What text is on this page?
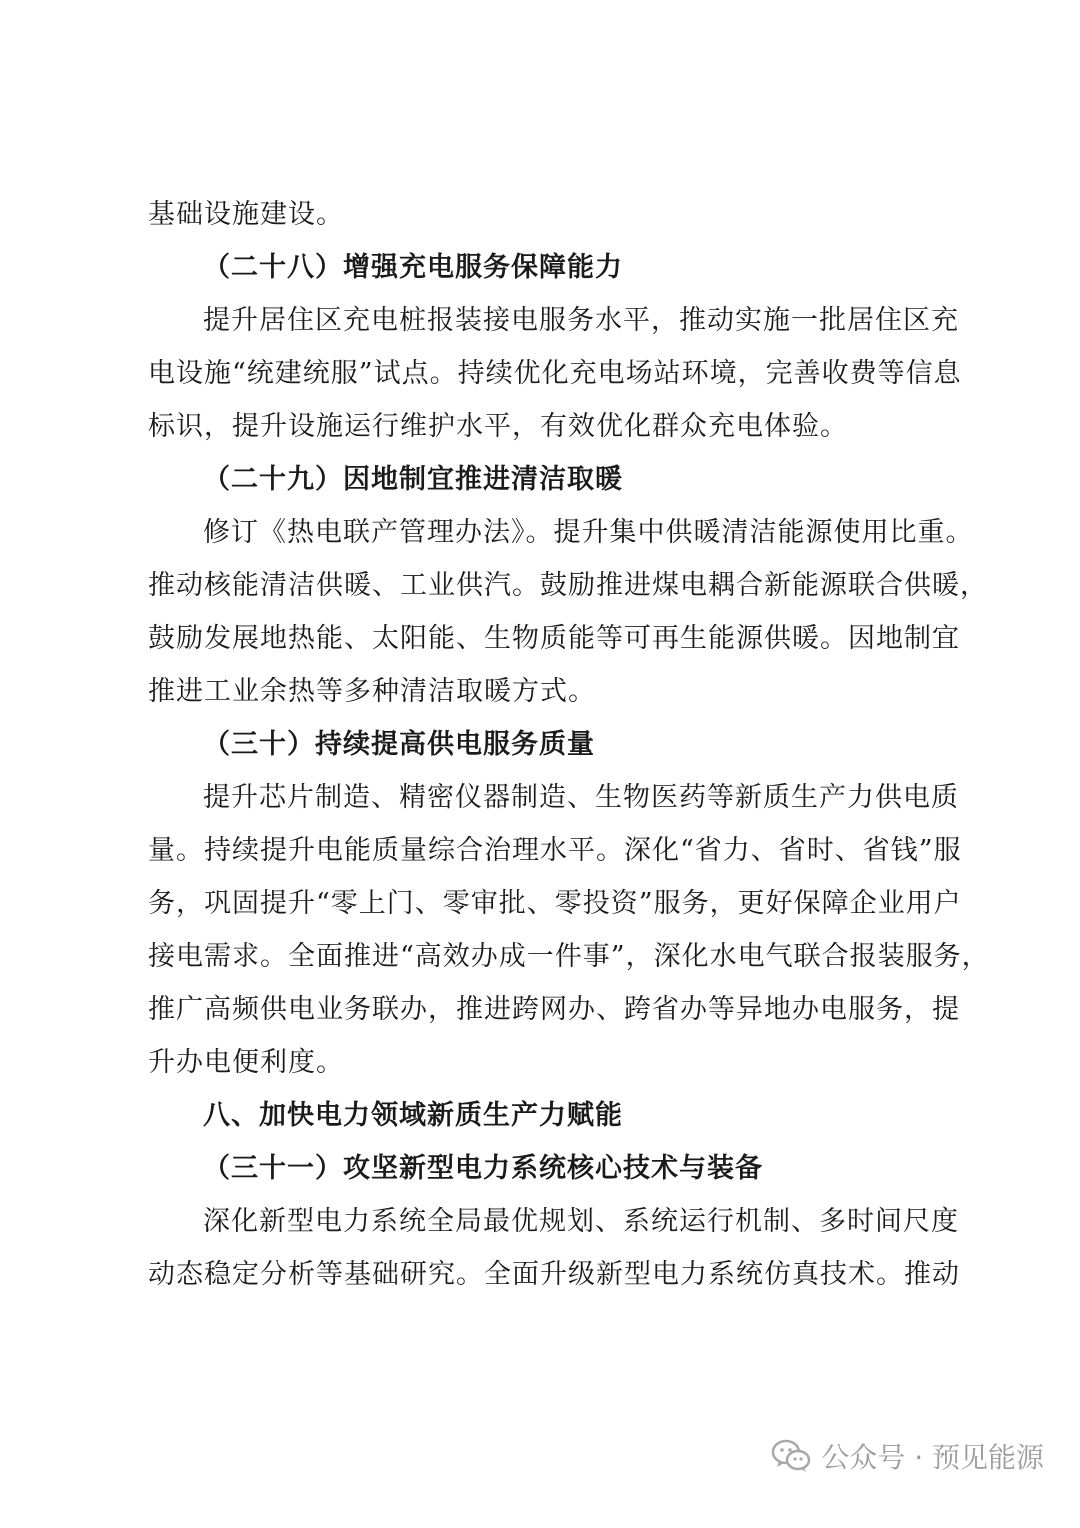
基础设施建设。
（二十八）增强充电服务保障能力
提升居住区充电桩报装接电服务水平，推动实施一批居住区充
电设施“统建统服”试点。持续优化充电场站环境，完善收费等信息
标识，提升设施运行维护水平，有效优化群众充电体验。
（二十九）因地制宜推进清洁取暖
修订《热电联产管理办法》。提升集中供暖清洁能源使用比重。
推动核能清洁供暖、工业供汽。鼓励推进煤电耦合新能源联合供暖，
鼓励发展地热能、太阳能、生物质能等可再生能源供暖。因地制宜
推进工业余热等多种清洁取暖方式。
（三十）持续提高供电服务质量
提升芯片制造、精密仪器制造、生物医药等新质生产力供电质
量。持续提升电能质量综合治理水平。深化“省力、省时、省钱”服
务，巩固提升“零上门、零审批、零投资”服务，更好保障企业用户
接电需求。全面推进“高效办成一件事”，深化水电气联合报装服务，
推广高频供电业务联办，推进跨网办、跨省办等异地办电服务，提
升办电便利度。
八、加快电力领域新质生产力赋能
（三十一）攻坚新型电力系统核心技术与装备
深化新型电力系统全局最优规划、系统运行机制、多时间尺度
动态稳定分析等基础研究。全面升级新型电力系统仿真技术。推动
公众号 · 预见能源
